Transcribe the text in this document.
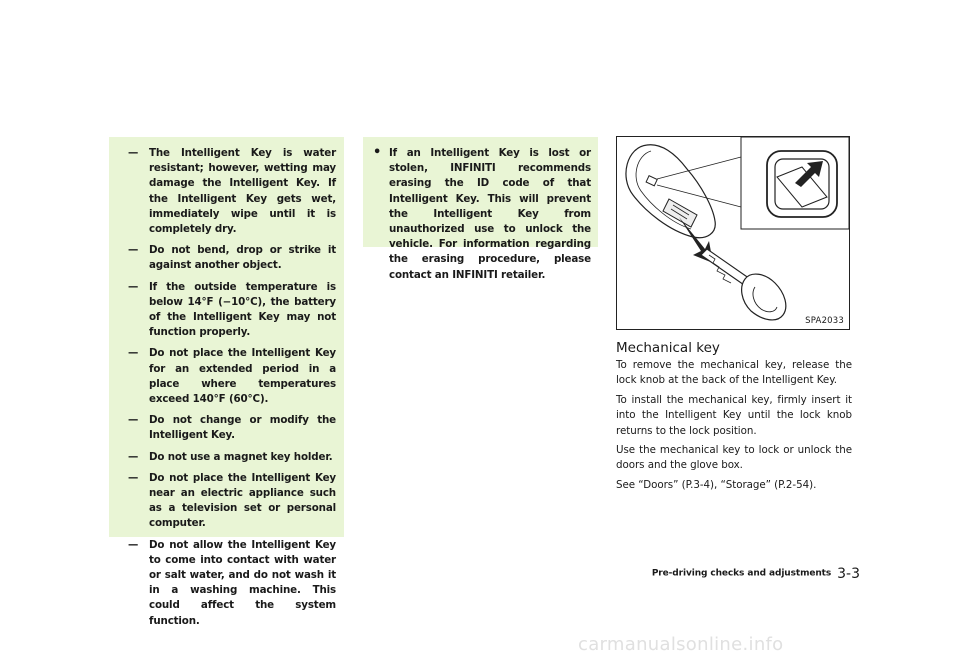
— The Intelligent Key is water resistant; however, wetting may damage the Intelligent Key. If the Intelligent Key gets wet, immediately wipe until it is completely dry.
— Do not bend, drop or strike it against another object.
— If the outside temperature is below 14°F (−10°C), the battery of the Intelligent Key may not function properly.
— Do not place the Intelligent Key for an extended period in a place where temperatures exceed 140°F (60°C).
— Do not change or modify the Intelligent Key.
— Do not use a magnet key holder.
— Do not place the Intelligent Key near an electric appliance such as a television set or personal computer.
— Do not allow the Intelligent Key to come into contact with water or salt water, and do not wash it in a washing machine. This could affect the system function.
• If an Intelligent Key is lost or stolen, INFINITI recommends erasing the ID code of that Intelligent Key. This will prevent the Intelligent Key from unauthorized use to unlock the vehicle. For information regarding the erasing procedure, please contact an INFINITI retailer.
SPA2033
Mechanical key

To remove the mechanical key, release the lock knob at the back of the Intelligent Key.

To install the mechanical key, firmly insert it into the Intelligent Key until the lock knob returns to the lock position.

Use the mechanical key to lock or unlock the doors and the glove box.

See “Doors” (P.3-4), “Storage” (P.2-54).

Pre-driving checks and adjustments 3-3
carmanualsonline.info
